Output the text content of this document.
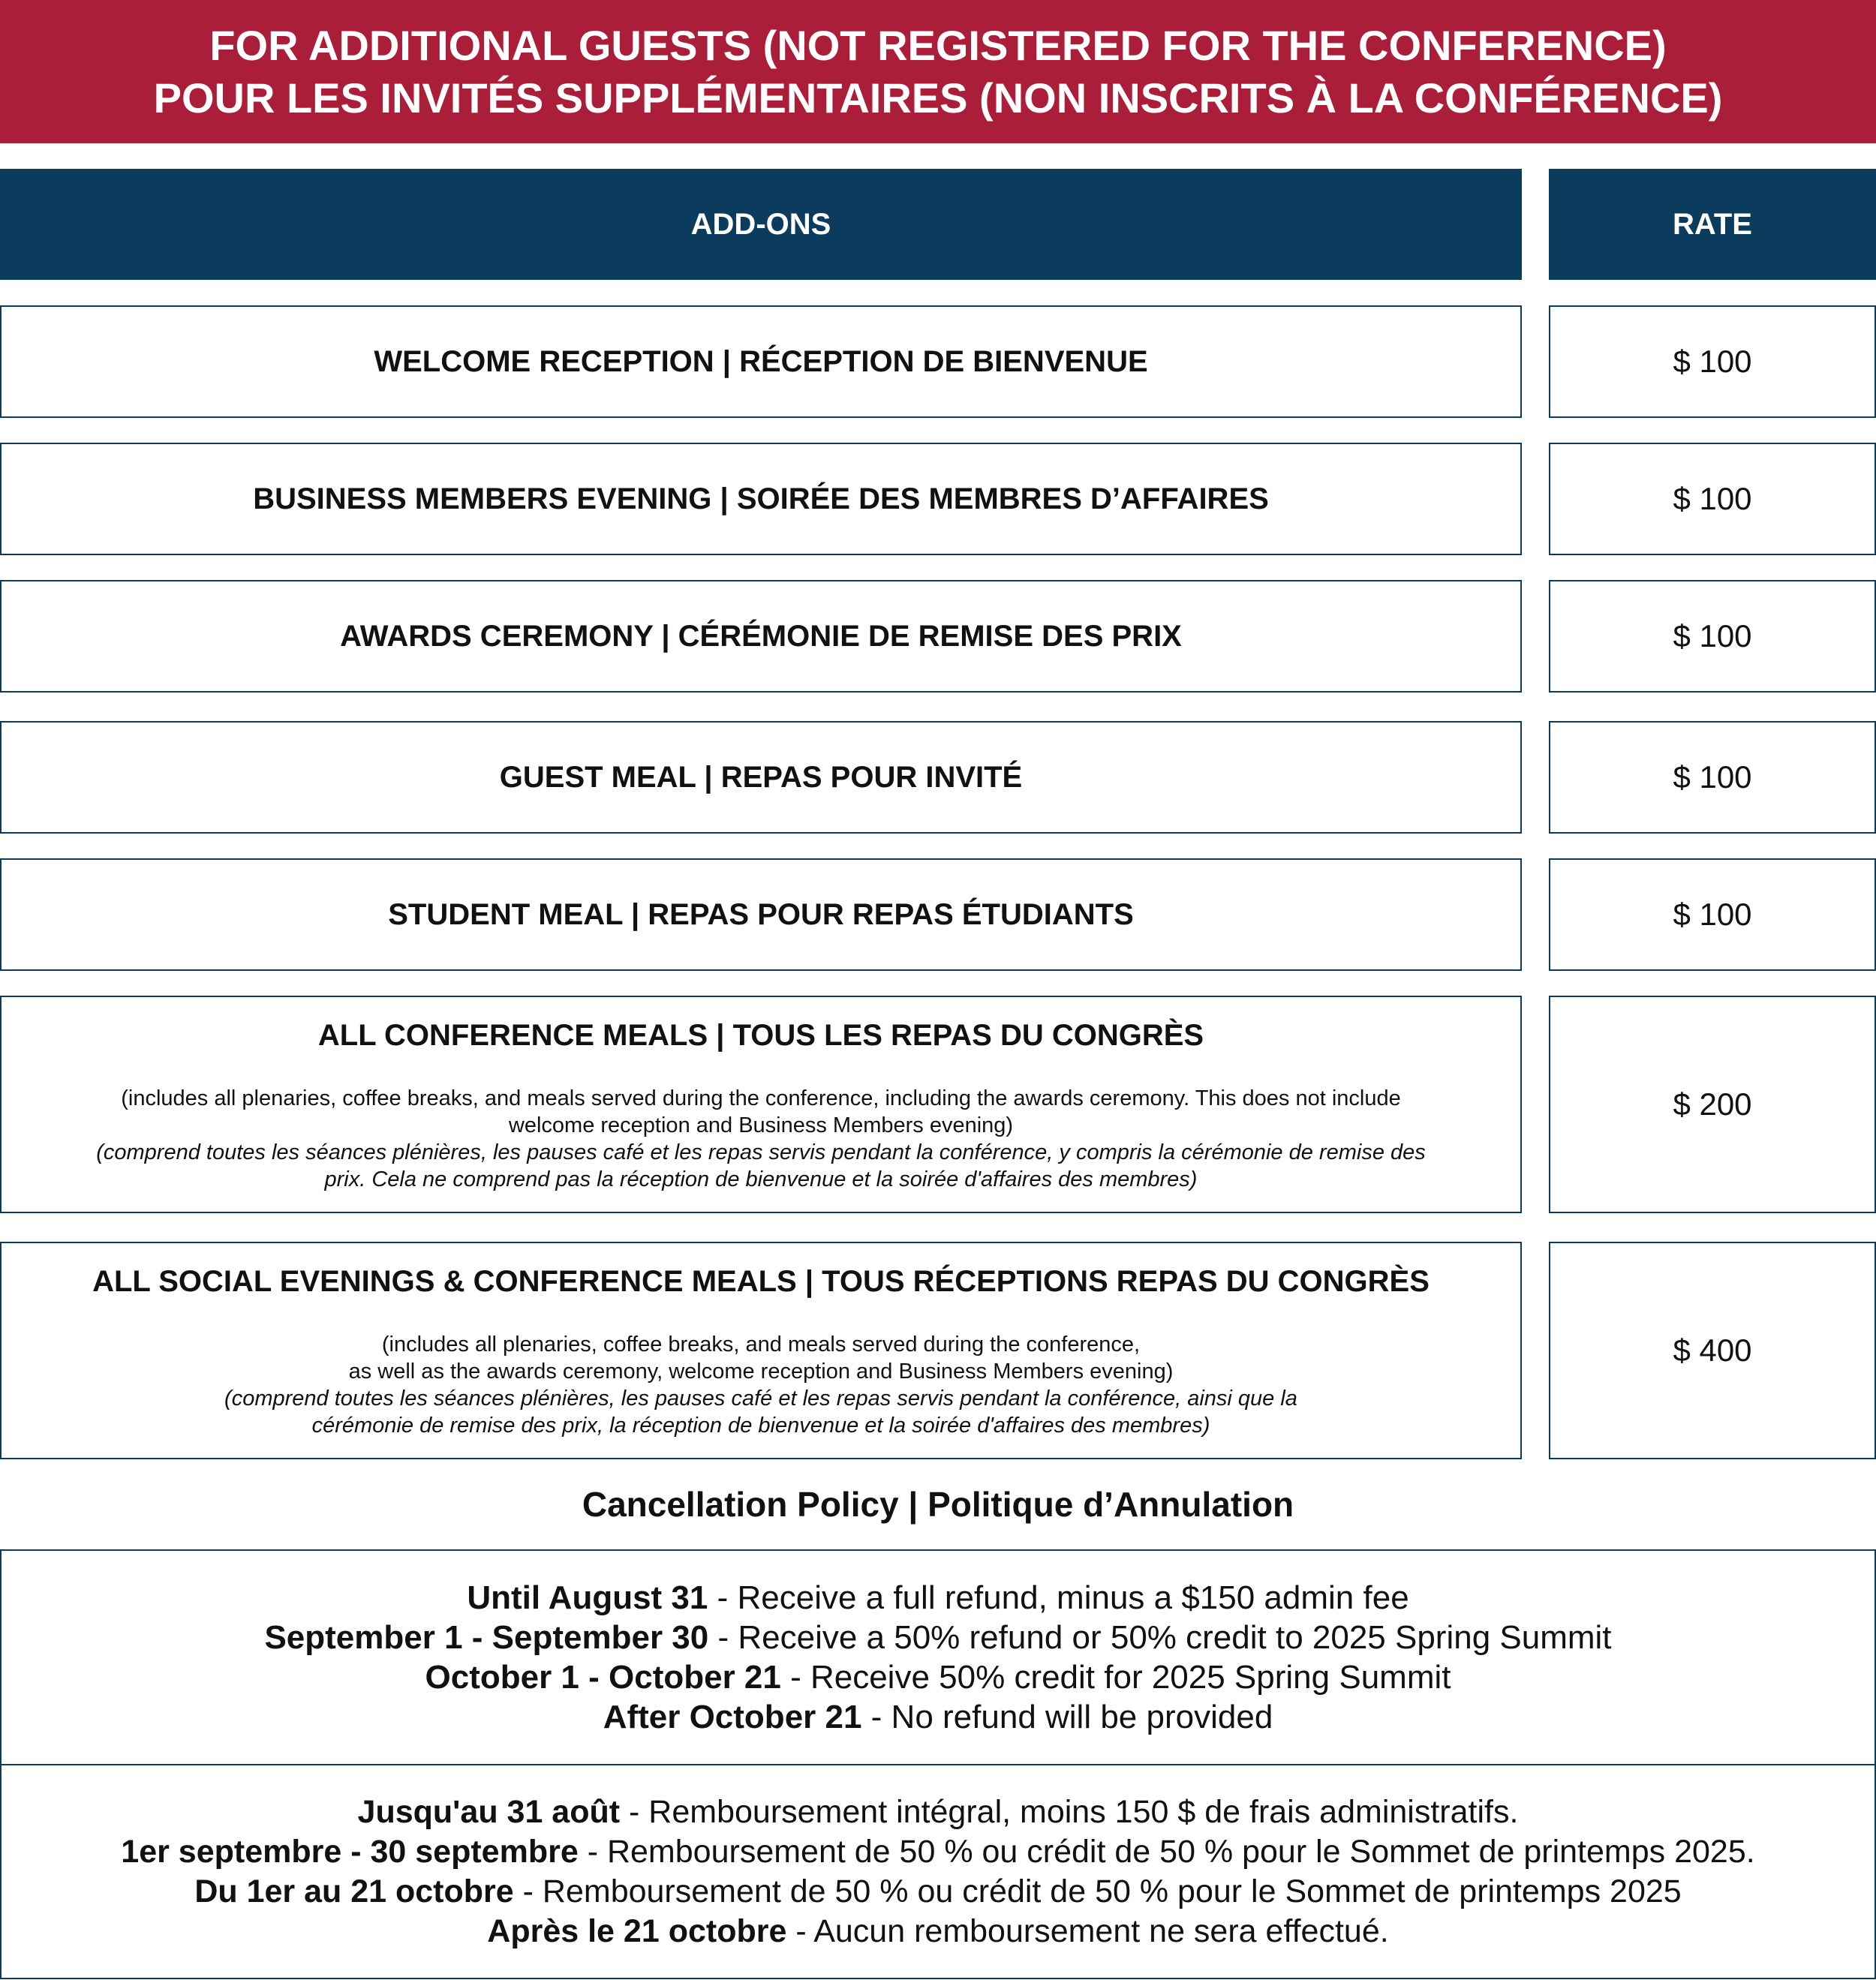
FOR ADDITIONAL GUESTS (NOT REGISTERED FOR THE CONFERENCE)
POUR LES INVITÉS SUPPLÉMENTAIRES (NON INSCRITS À LA CONFÉRENCE)
ADD-ONS	RATE
WELCOME RECEPTION | RÉCEPTION DE BIENVENUE	$ 100
BUSINESS MEMBERS EVENING | SOIRÉE DES MEMBRES D’AFFAIRES	$ 100
AWARDS CEREMONY | CÉRÉMONIE DE REMISE DES PRIX	$ 100
GUEST MEAL | REPAS POUR INVITÉ	$ 100
STUDENT MEAL | REPAS POUR REPAS ÉTUDIANTS	$ 100
ALL CONFERENCE MEALS | TOUS LES REPAS DU CONGRÈS
(includes all plenaries, coffee breaks, and meals served during the conference, including the awards ceremony. This does not include
welcome reception and Business Members evening)
(comprend toutes les séances plénières, les pauses café et les repas servis pendant la conférence, y compris la cérémonie de remise des
prix. Cela ne comprend pas la réception de bienvenue et la soirée d'affaires des membres)
$ 200
ALL SOCIAL EVENINGS & CONFERENCE MEALS | TOUS RÉCEPTIONS REPAS DU CONGRÈS
(includes all plenaries, coffee breaks, and meals served during the conference,
as well as the awards ceremony, welcome reception and Business Members evening)
(comprend toutes les séances plénières, les pauses café et les repas servis pendant la conférence, ainsi que la
cérémonie de remise des prix, la réception de bienvenue et la soirée d'affaires des membres)
$ 400
Cancellation Policy | Politique d’Annulation
Until August 31 - Receive a full refund, minus a $150 admin fee
September 1 - September 30 - Receive a 50% refund or 50% credit to 2025 Spring Summit
October 1 - October 21 - Receive 50% credit for 2025 Spring Summit
After October 21 - No refund will be provided
Jusqu'au 31 août - Remboursement intégral, moins 150 $ de frais administratifs.
1er septembre - 30 septembre - Remboursement de 50 % ou crédit de 50 % pour le Sommet de printemps 2025.
Du 1er au 21 octobre - Remboursement de 50 % ou crédit de 50 % pour le Sommet de printemps 2025
Après le 21 octobre - Aucun remboursement ne sera effectué.
